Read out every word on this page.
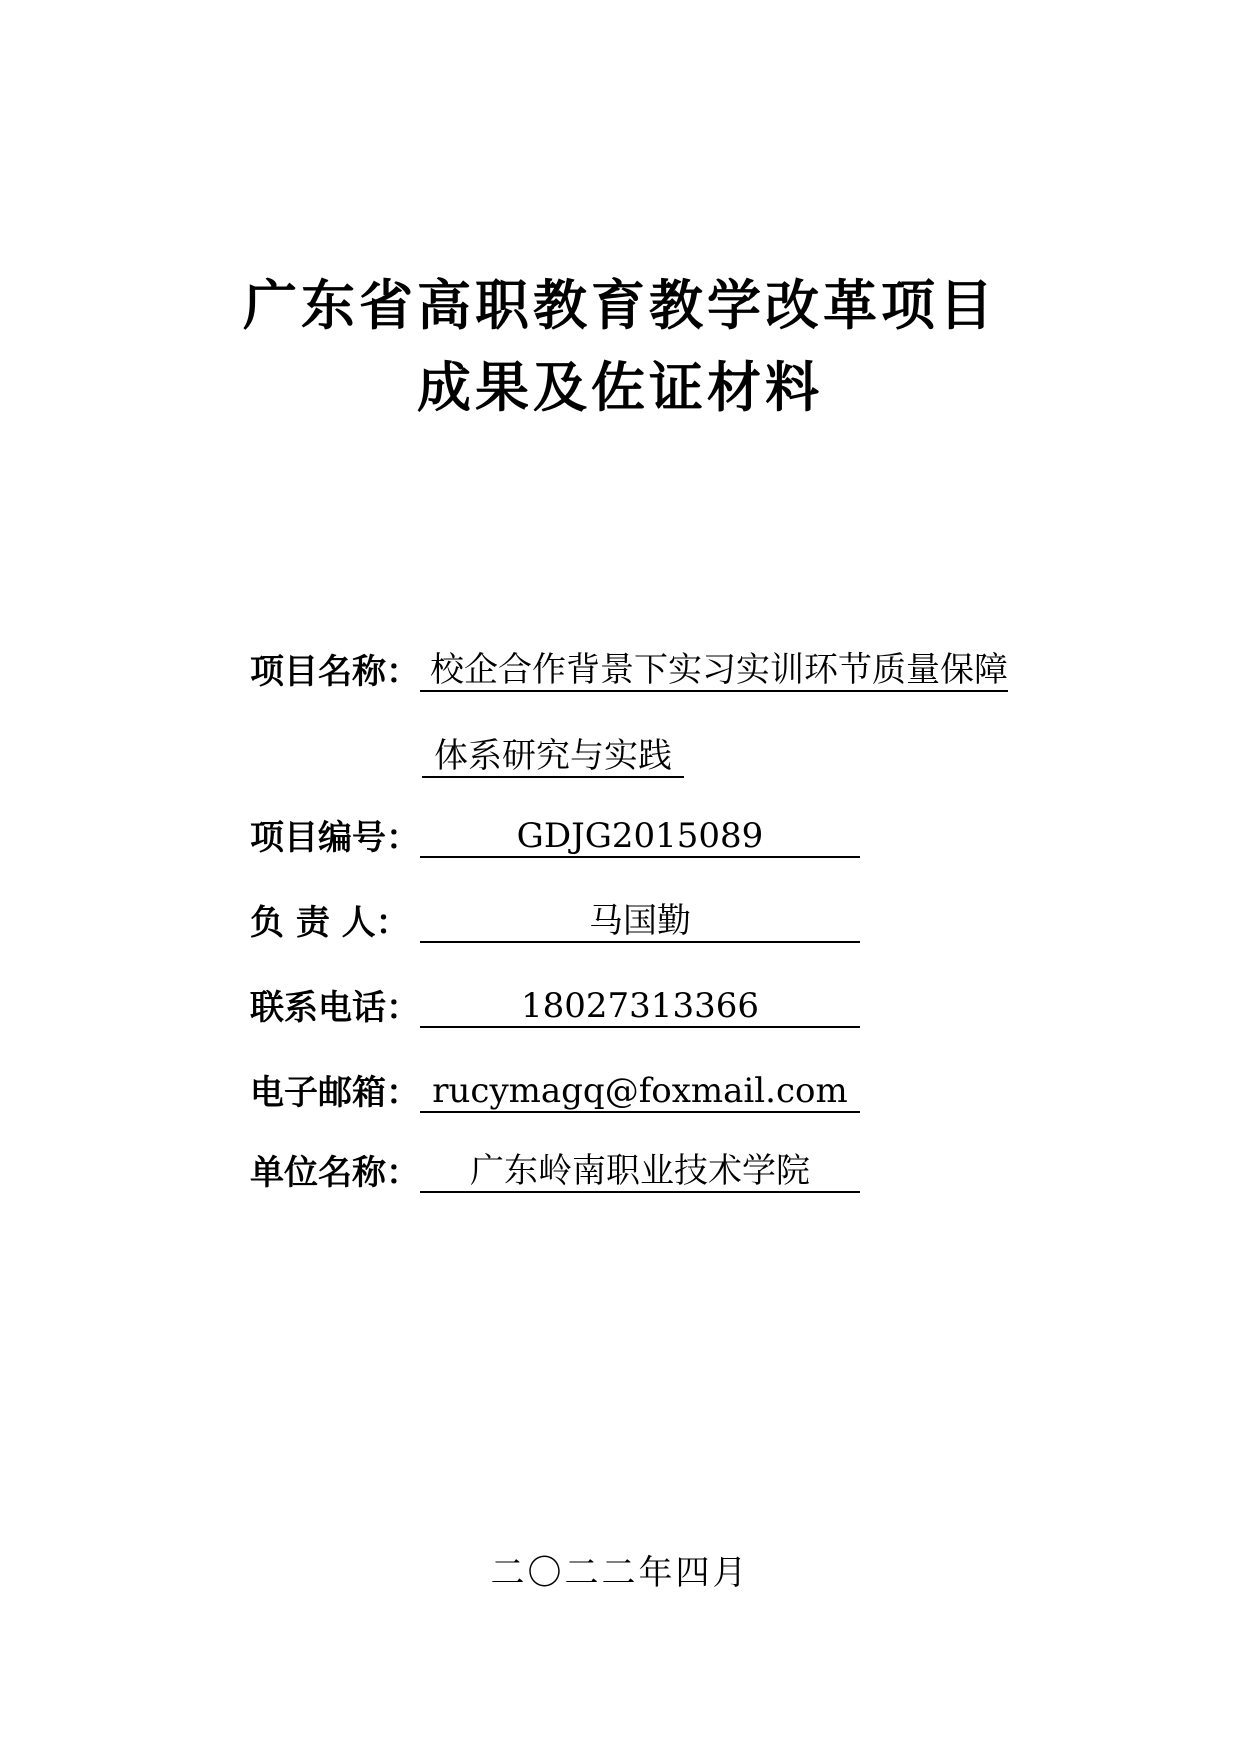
广东省高职教育教学改革项目
成果及佐证材料
项目名称： 校企合作背景下实习实训环节质量保障
体系研究与实践
项目编号：	GDJG2015089
负 责 人：	马国勤
联系电话：	18027313366
电子邮箱： rucymagq@foxmail.com
单位名称：	广东岭南职业技术学院
二〇二二年四月
